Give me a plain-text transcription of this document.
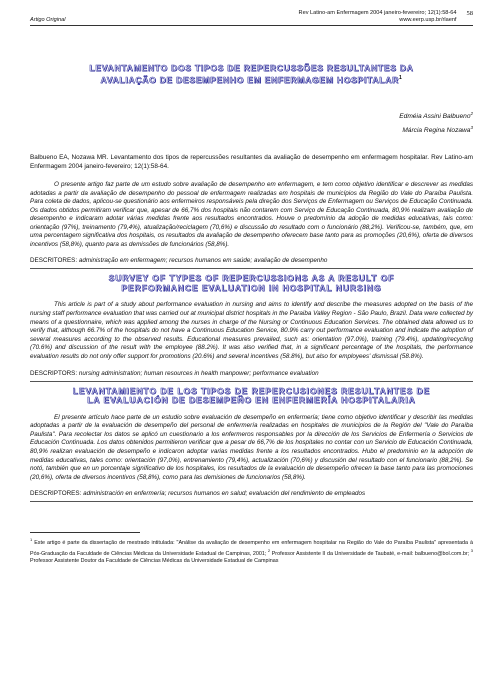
Artigo Original
Rev Latino-am Enfermagem 2004 janeiro-fevereiro; 12(1):58-64
www.eerp.usp.br/rlaenf
58
LEVANTAMENTO DOS TIPOS DE REPERCUSSÕES RESULTANTES DA
AVALIAÇÃO DE DESEMPENHO EM ENFERMAGEM HOSPITALAR$^1$
Edméia Assini Balbueno$^2$
Márcia Regina Nozawa$^3$

Balbueno EA, Nozawa MR. Levantamento dos tipos de repercussões resultantes da avaliação de desempenho em enfermagem hospitalar. Rev Latino-am Enfermagem 2004 janeiro-fevereiro; 12(1):58-64.

O presente artigo faz parte de um estudo sobre avaliação de desempenho em enfermagem, e tem como objetivo identificar e descrever as medidas adotadas a partir da avaliação de desempenho do pessoal de enfermagem realizadas em hospitais de municípios da Região do Vale do Paraíba Paulista. Para coleta de dados, aplicou-se questionário aos enfermeiros responsáveis pela direção dos Serviços de Enfermagem ou Serviços de Educação Continuada. Os dados obtidos permitiram verificar que, apesar de 66,7% dos hospitais não contarem com Serviço de Educação Continuada, 80,9% realizam avaliação de desempenho e indicaram adotar várias medidas frente aos resultados encontrados. Houve o predomínio da adoção de medidas educativas, tais como: orientação (97%), treinamento (79,4%), atualização/reciclagem (70,6%) e discussão do resultado com o funcionário (88,2%). Verificou-se, também, que, em uma percentagem significativa dos hospitais, os resultados da avaliação de desempenho oferecem base tanto para as promoções (20,6%), oferta de diversos incentivos (58,8%), quanto para as demissões de funcionários (58,8%).

DESCRITORES: administração em enfermagem; recursos humanos em saúde; avaliação de desempenho

SURVEY OF TYPES OF REPERCUSSIONS AS A RESULT OF
PERFORMANCE EVALUATION IN HOSPITAL NURSING

This article is part of a study about performance evaluation in nursing and aims to identify and describe the measures adopted on the basis of the nursing staff performance evaluation that was carried out at municipal district hospitals in the Paraiba Valley Region - São Paulo, Brazil. Data were collected by means of a questionnaire, which was applied among the nurses in charge of the Nursing or Continuous Education Services. The obtained data allowed us to verify that, although 66.7% of the hospitals do not have a Continuous Education Service, 80.9% carry out performance evaluation and indicate the adoption of several measures according to the observed results. Educational measures prevailed, such as: orientation (97.0%), training (79.4%), updating/recycling (70.6%) and discussion of the result with the employee (88.2%). It was also verified that, in a significant percentage of the hospitals, the performance evaluation results do not only offer support for promotions (20.6%) and several incentives (58.8%), but also for employees' dismissal (58.8%).

DESCRIPTORS: nursing administration; human resources in health manpower; performance evaluation

LEVANTAMIENTO DE LOS TIPOS DE REPERCUSIONES RESULTANTES DE
LA EVALUACIÓN DE DESEMPEÑO EN ENFERMERÍA HOSPITALARIA

El presente artículo hace parte de un estudio sobre evaluación de desempeño en enfermería; tiene como objetivo identificar y describir las medidas adoptadas a partir de la evaluación de desempeño del personal de enfermería realizadas en hospitales de municipios de la Región del "Vale do Paraíba Paulista". Para recolectar los datos se aplicó un cuestionario a los enfermeros responsables por la dirección de los Servicios de Enfermería o Servicios de Educación Continuada. Los datos obtenidos permitieron verificar que a pesar de 66,7% de los hospitales no contar con un Servicio de Educación Continuada, 80,9% realizan evaluación de desempeño e indicaron adoptar varias medidas frente a los resultados encontrados. Hubo el predominio en la adopción de medidas educativas, tales como: orientación (97,0%), entrenamiento (79,4%), actualización (70,6%) y discusión del resultado con el funcionario (88,2%). Se notó, también que en un porcentaje significativo de los hospitales, los resultados de la evaluación de desempeño ofrecen la base tanto para las promociones (20,6%), oferta de diversos incentivos (58,8%), como para las demisiones de funcionarios (58,8%).

DESCRIPTORES: administración en enfermería; recursos humanos en salud; evaluación del rendimiento de empleados

$^1$ Este artigo é parte da dissertação de mestrado intitulada: "Análise da avaliação de desempenho em enfermagem hospitalar na Região do Vale do Paraíba Paulista" apresentada à Pós-Graduação da Faculdade de Ciências Médicas da Universidade Estadual de Campinas, 2001; $^2$ Professor Assistente II da Universidade de Taubaté, e-mail: balbueno@bol.com.br; $^3$ Professor Assistente Doutor da Faculdade de Ciências Médicas da Universidade Estadual de Campinas
